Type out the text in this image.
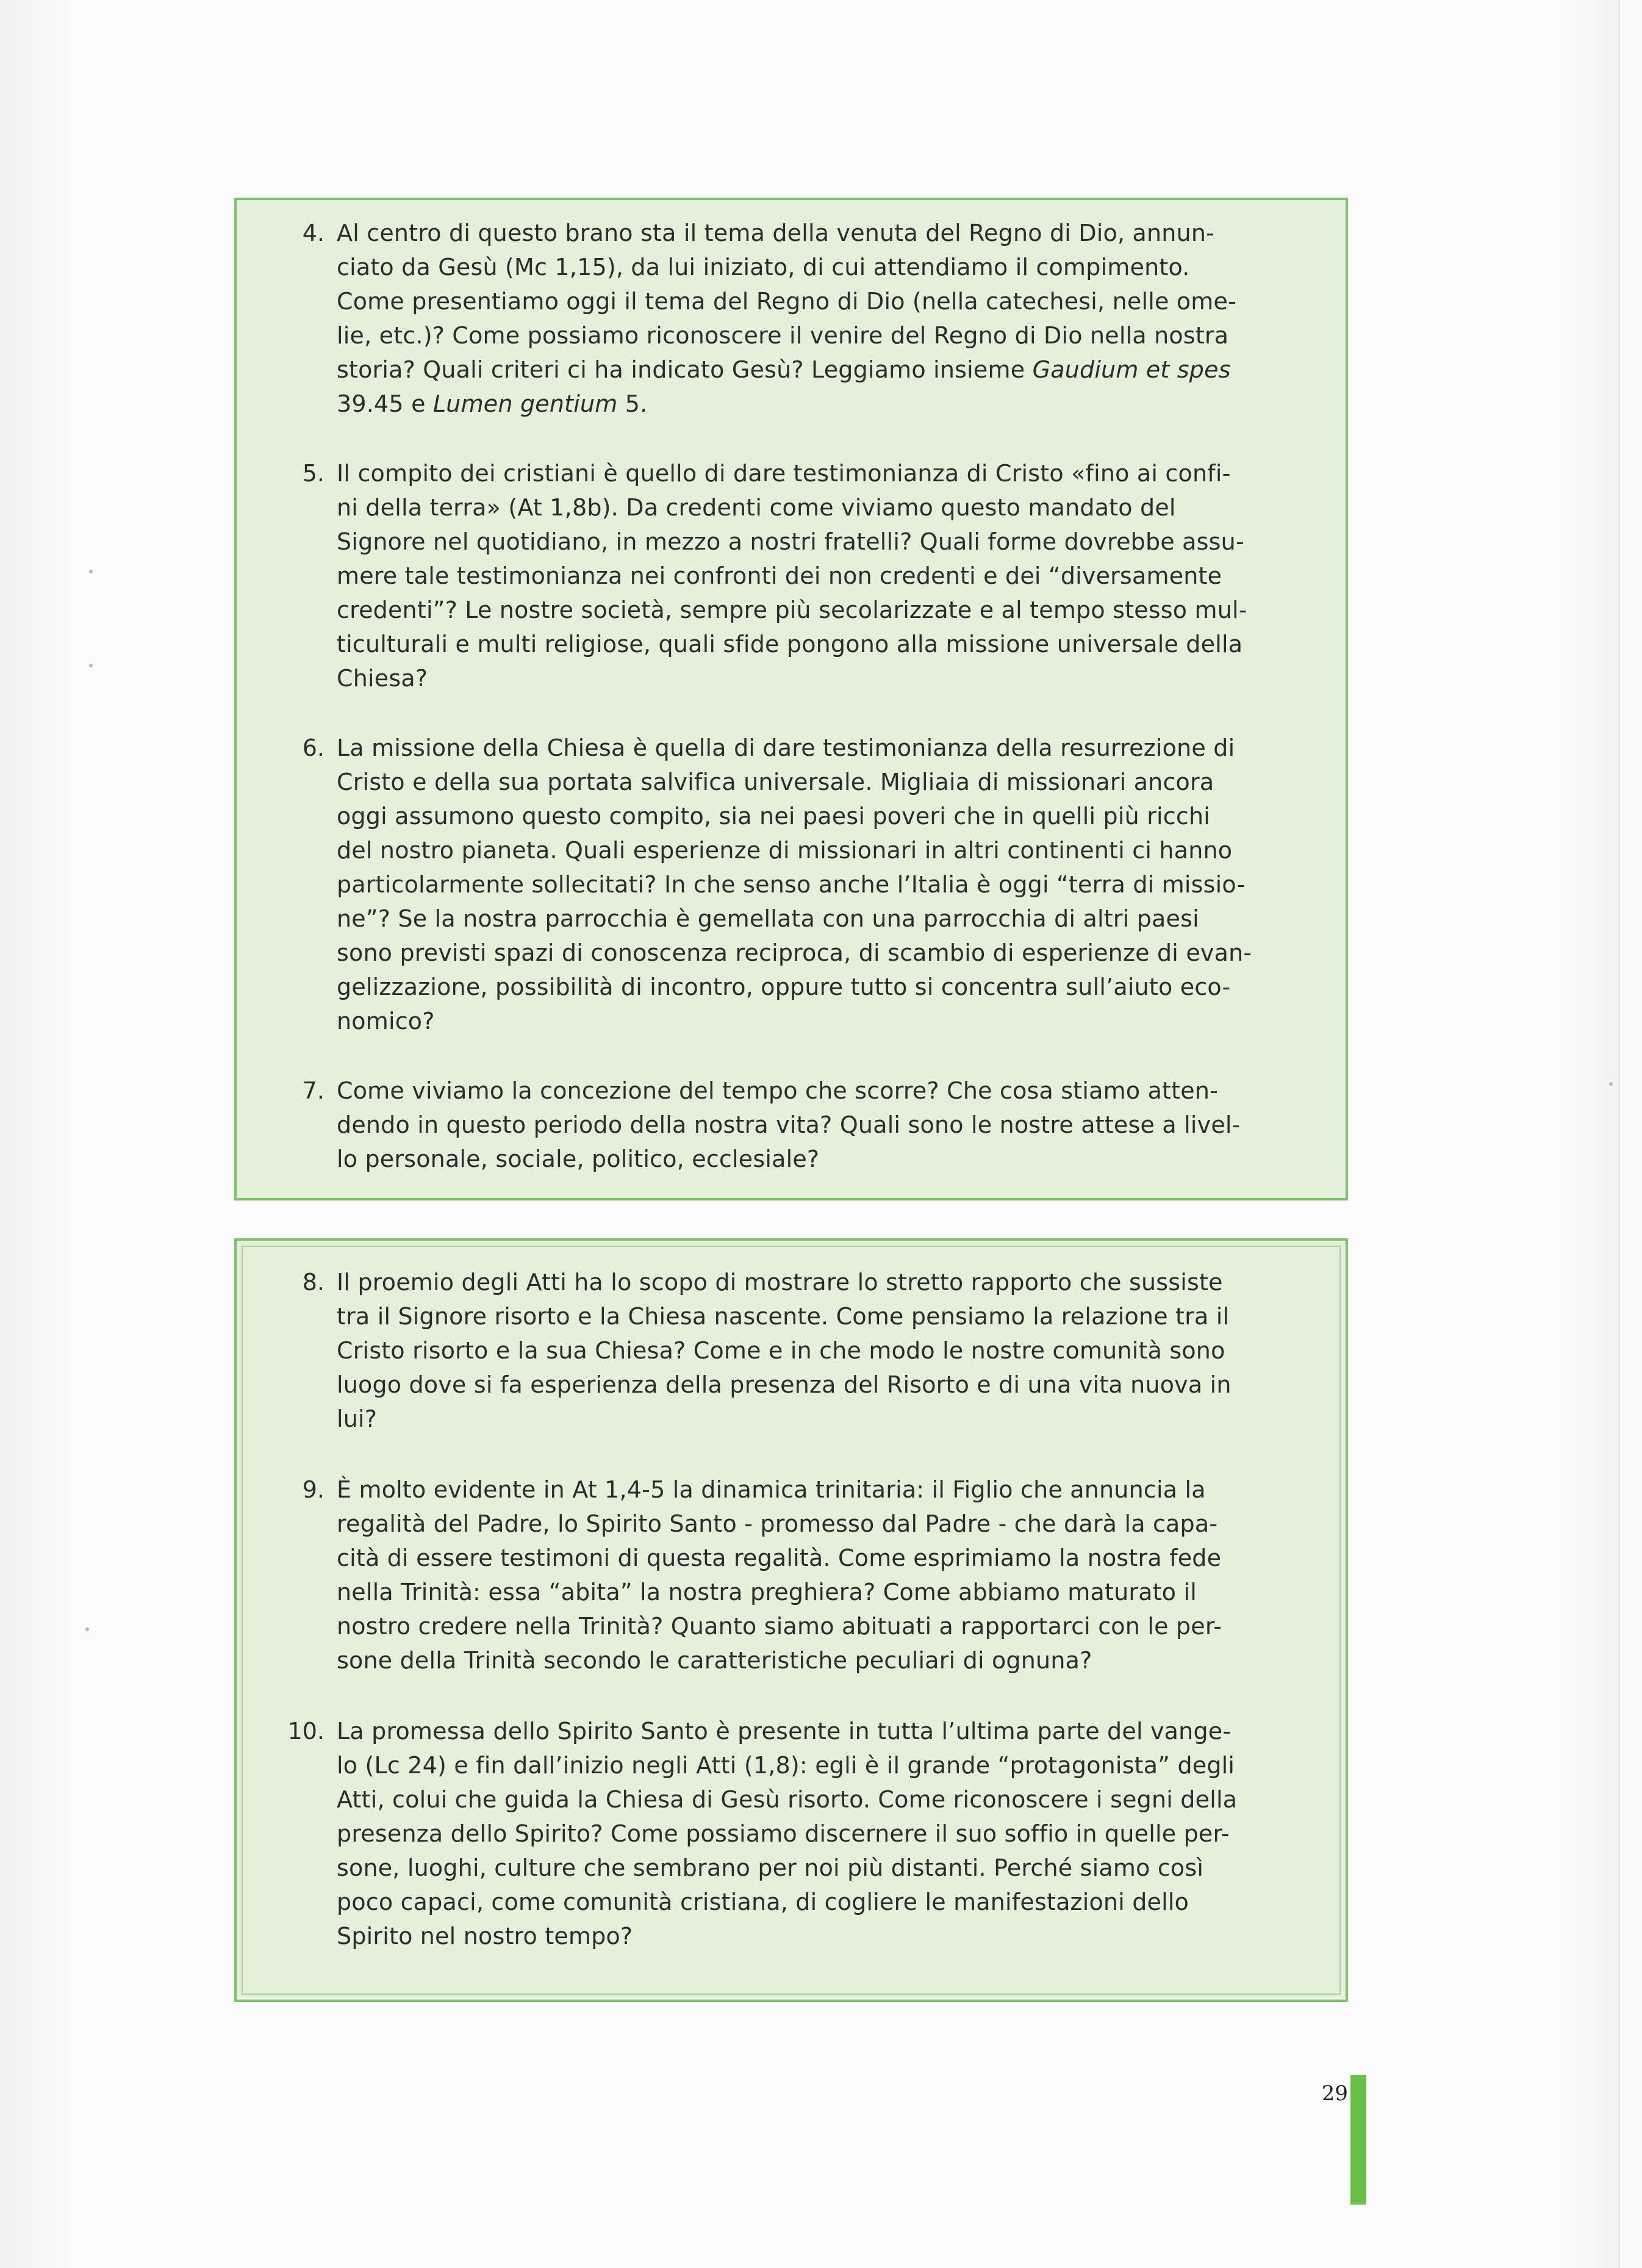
4. Al centro di questo brano sta il tema della venuta del Regno di Dio, annun-
ciato da Gesù (Mc 1,15), da lui iniziato, di cui attendiamo il compimento.
Come presentiamo oggi il tema del Regno di Dio (nella catechesi, nelle ome-
lie, etc.)? Come possiamo riconoscere il venire del Regno di Dio nella nostra
storia? Quali criteri ci ha indicato Gesù? Leggiamo insieme Gaudium et spes
39.45 e Lumen gentium 5.
5. Il compito dei cristiani è quello di dare testimonianza di Cristo «fino ai confi-
ni della terra» (At 1,8b). Da credenti come viviamo questo mandato del
Signore nel quotidiano, in mezzo a nostri fratelli? Quali forme dovrebbe assu-
mere tale testimonianza nei confronti dei non credenti e dei “diversamente
credenti”? Le nostre società, sempre più secolarizzate e al tempo stesso mul-
ticulturali e multi religiose, quali sfide pongono alla missione universale della
Chiesa?
6. La missione della Chiesa è quella di dare testimonianza della resurrezione di
Cristo e della sua portata salvifica universale. Migliaia di missionari ancora
oggi assumono questo compito, sia nei paesi poveri che in quelli più ricchi
del nostro pianeta. Quali esperienze di missionari in altri continenti ci hanno
particolarmente sollecitati? In che senso anche l’Italia è oggi “terra di missio-
ne”? Se la nostra parrocchia è gemellata con una parrocchia di altri paesi
sono previsti spazi di conoscenza reciproca, di scambio di esperienze di evan-
gelizzazione, possibilità di incontro, oppure tutto si concentra sull’aiuto eco-
nomico?
7. Come viviamo la concezione del tempo che scorre? Che cosa stiamo atten-
dendo in questo periodo della nostra vita? Quali sono le nostre attese a livel-
lo personale, sociale, politico, ecclesiale?
8. Il proemio degli Atti ha lo scopo di mostrare lo stretto rapporto che sussiste
tra il Signore risorto e la Chiesa nascente. Come pensiamo la relazione tra il
Cristo risorto e la sua Chiesa? Come e in che modo le nostre comunità sono
luogo dove si fa esperienza della presenza del Risorto e di una vita nuova in
lui?
9. È molto evidente in At 1,4-5 la dinamica trinitaria: il Figlio che annuncia la
regalità del Padre, lo Spirito Santo - promesso dal Padre - che darà la capa-
cità di essere testimoni di questa regalità. Come esprimiamo la nostra fede
nella Trinità: essa “abita” la nostra preghiera? Come abbiamo maturato il
nostro credere nella Trinità? Quanto siamo abituati a rapportarci con le per-
sone della Trinità secondo le caratteristiche peculiari di ognuna?
10. La promessa dello Spirito Santo è presente in tutta l’ultima parte del vange-
lo (Lc 24) e fin dall’inizio negli Atti (1,8): egli è il grande “protagonista” degli
Atti, colui che guida la Chiesa di Gesù risorto. Come riconoscere i segni della
presenza dello Spirito? Come possiamo discernere il suo soffio in quelle per-
sone, luoghi, culture che sembrano per noi più distanti. Perché siamo così
poco capaci, come comunità cristiana, di cogliere le manifestazioni dello
Spirito nel nostro tempo?
29
